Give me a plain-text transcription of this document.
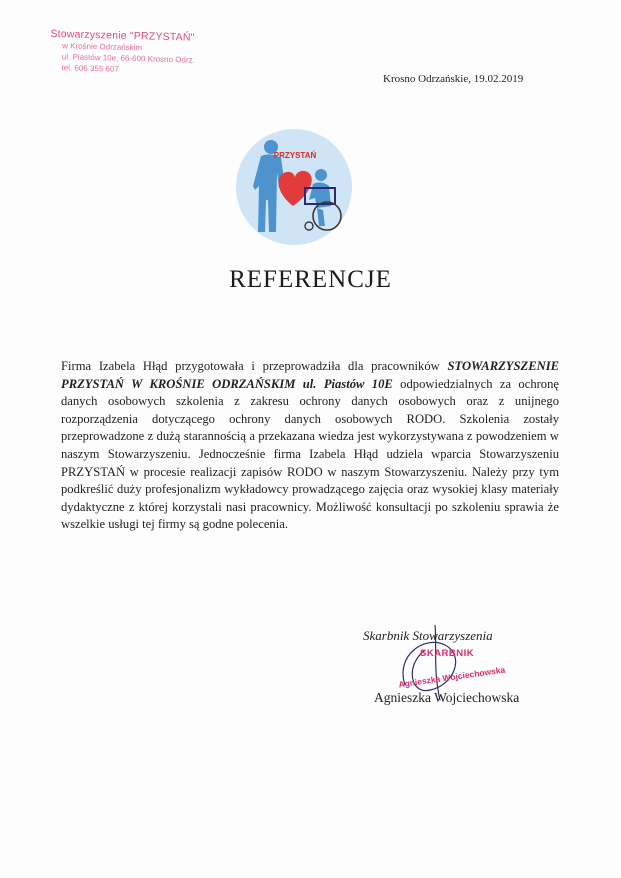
Stowarzyszenie "PRZYSTAŃ"
w Krośnie Odrzańskim
ul. Piastów 10e, 66-600 Krosno Odrz.
tel. 606 355 607
Krosno Odrzańskie, 19.02.2019
PRZYSTAŃ
REFERENCJE
Firma Izabela Hłąd przygotowała i przeprowadziła dla pracowników STOWARZYSZENIE PRZYSTAŃ W KROŚNIE ODRZAŃSKIM ul. Piastów 10E odpowiedzialnych za ochronę danych osobowych szkolenia z zakresu ochrony danych osobowych oraz z unijnego rozporządzenia dotyczącego ochrony danych osobowych RODO. Szkolenia zostały przeprowadzone z dużą starannością a przekazana wiedza jest wykorzystywana z powodzeniem w naszym Stowarzyszeniu. Jednocześnie firma Izabela Hłąd udziela wparcia Stowarzyszeniu PRZYSTAŃ w procesie realizacji zapisów RODO w naszym Stowarzyszeniu. Należy przy tym podkreślić duży profesjonalizm wykładowcy prowadzącego zajęcia oraz wysokiej klasy materiały dydaktyczne z której korzystali nasi pracownicy. Możliwość konsultacji po szkoleniu sprawia że wszelkie usługi tej firmy są godne polecenia.
Skarbnik Stowarzyszenia
SKARBNIK
Agnieszka Wojciechowska
Agnieszka Wojciechowska
